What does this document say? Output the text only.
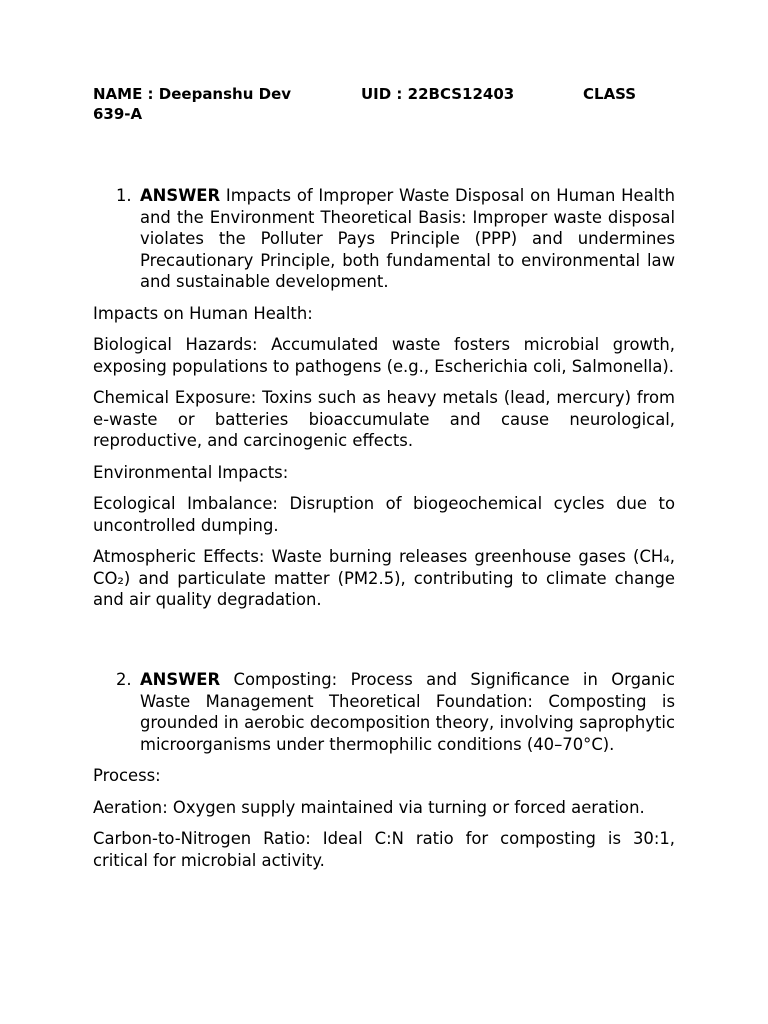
NAME : Deepanshu Dev	UID : 22BCS12403	CLASS
639-A

1. ANSWER Impacts of Improper Waste Disposal on Human Health and the Environment Theoretical Basis: Improper waste disposal violates the Polluter Pays Principle (PPP) and undermines Precautionary Principle, both fundamental to environmental law and sustainable development.

Impacts on Human Health:

Biological Hazards: Accumulated waste fosters microbial growth, exposing populations to pathogens (e.g., Escherichia coli, Salmonella).

Chemical Exposure: Toxins such as heavy metals (lead, mercury) from e-waste or batteries bioaccumulate and cause neurological, reproductive, and carcinogenic effects.

Environmental Impacts:

Ecological Imbalance: Disruption of biogeochemical cycles due to uncontrolled dumping.

Atmospheric Effects: Waste burning releases greenhouse gases (CH₄, CO₂) and particulate matter (PM2.5), contributing to climate change and air quality degradation.

2. ANSWER Composting: Process and Significance in Organic Waste Management Theoretical Foundation: Composting is grounded in aerobic decomposition theory, involving saprophytic microorganisms under thermophilic conditions (40–70°C).

Process:

Aeration: Oxygen supply maintained via turning or forced aeration.

Carbon-to-Nitrogen Ratio: Ideal C:N ratio for composting is 30:1, critical for microbial activity.
